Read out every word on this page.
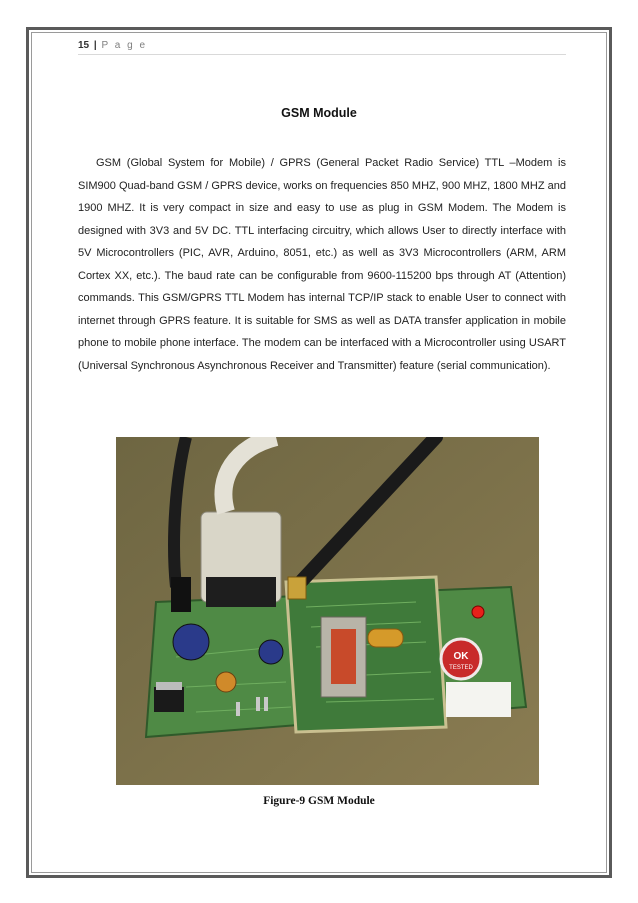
15 | P a g e
GSM Module

GSM (Global System for Mobile) / GPRS (General Packet Radio Service) TTL –Modem is SIM900 Quad-band GSM / GPRS device, works on frequencies 850 MHZ, 900 MHZ, 1800 MHZ and 1900 MHZ. It is very compact in size and easy to use as plug in GSM Modem. The Modem is designed with 3V3 and 5V DC. TTL interfacing circuitry, which allows User to directly interface with 5V Microcontrollers (PIC, AVR, Arduino, 8051, etc.) as well as 3V3 Microcontrollers (ARM, ARM Cortex XX, etc.). The baud rate can be configurable from 9600-115200 bps through AT (Attention) commands. This GSM/GPRS TTL Modem has internal TCP/IP stack to enable User to connect with internet through GPRS feature. It is suitable for SMS as well as DATA transfer application in mobile phone to mobile phone interface. The modem can be interfaced with a Microcontroller using USART (Universal Synchronous Asynchronous Receiver and Transmitter) feature (serial communication).

OK
TESTED
Figure-9 GSM Module
